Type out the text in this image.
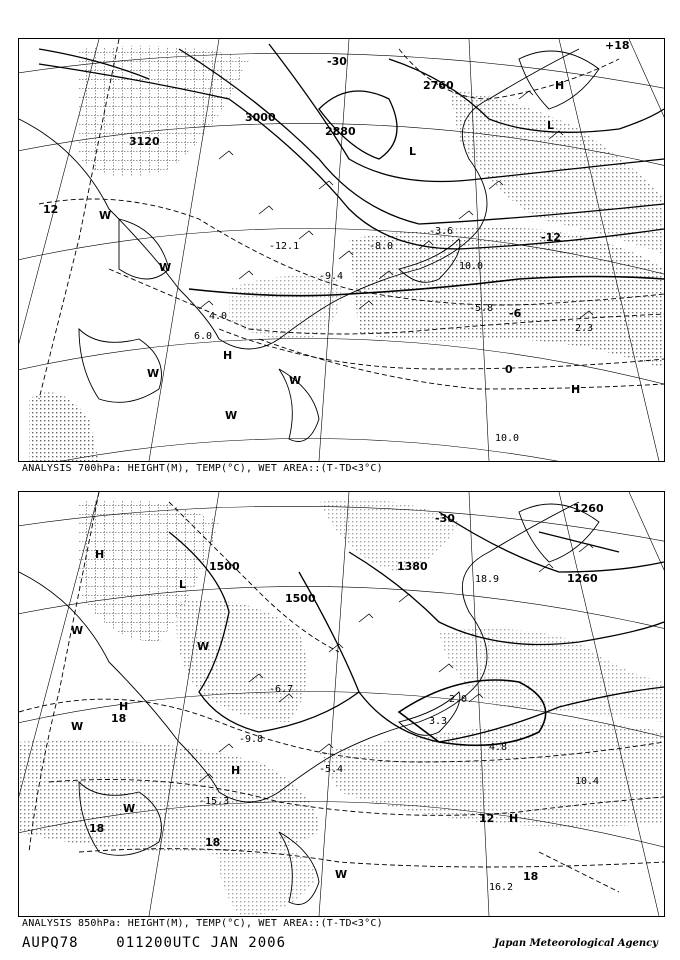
3000
3120
2880
2760
-12
-6
0
-30
12
+18
H
L
H
H
W
W
W
W
W
L
-12.1
-9.4
-8.0
-3.6
4.0
6.0
10.0
2.3
-5.8
10.0
ANALYSIS 700hPa: HEIGHT(M), TEMP(°C), WET AREA::(T-TD<3°C)
1500
1500
1380
1260
1260
18
18
18
12
-30
18
H
H
W
W
H
W
H
W
W
L
-15.3
-9.8
-6.7
3.3
-5.4
10.4
16.2
4.8
2.0
18.9
ANALYSIS 850hPa: HEIGHT(M), TEMP(°C), WET AREA::(T-TD<3°C)
AUPQ78	011200UTC JAN 2006	Japan Meteorological Agency
